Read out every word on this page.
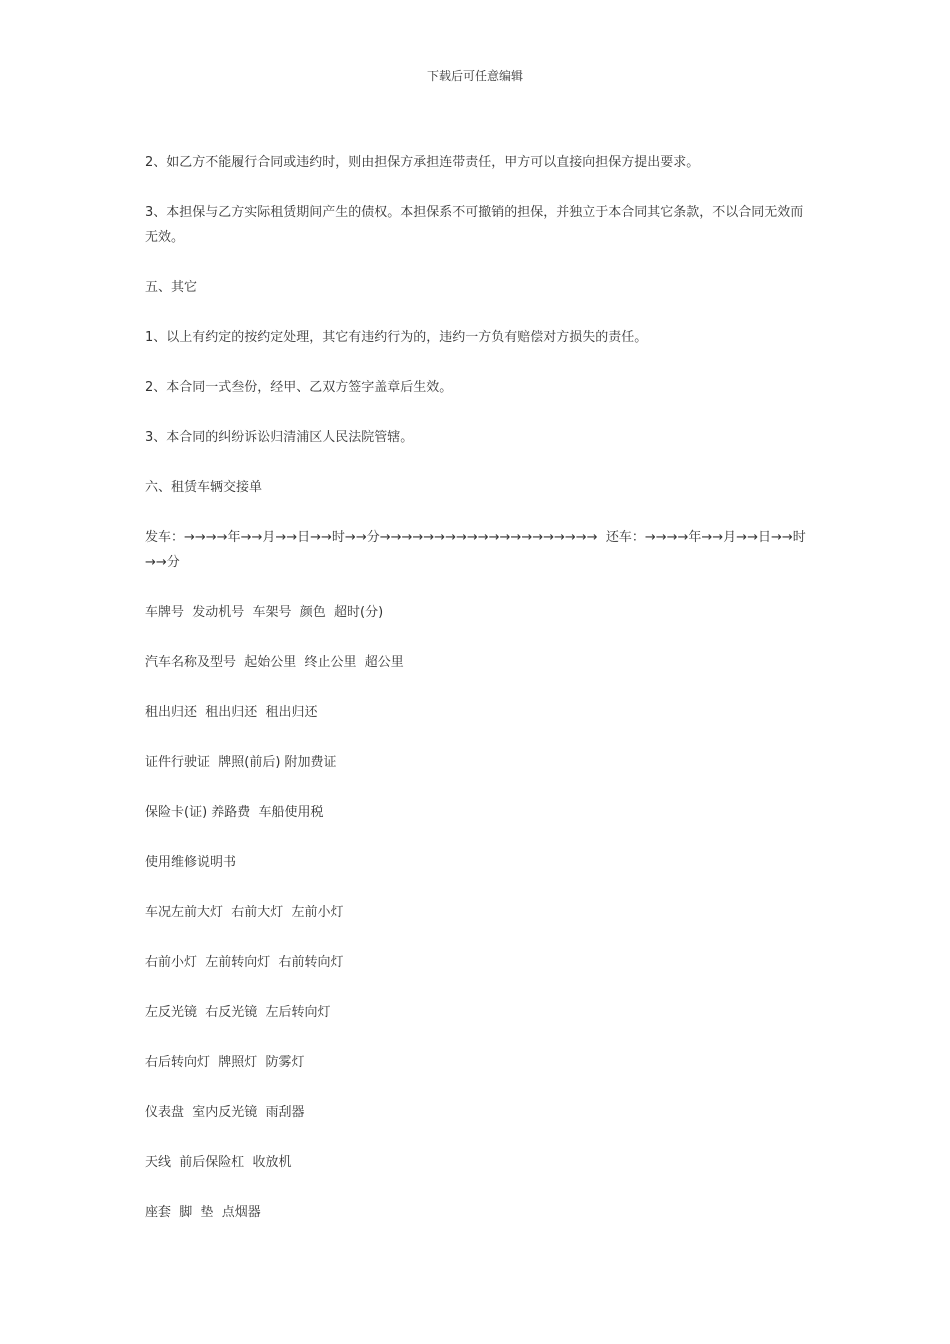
下载后可任意编辑

2、如乙方不能履行合同或违约时，则由担保方承担连带责任，甲方可以直接向担保方提出要求。

3、本担保与乙方实际租赁期间产生的债权。本担保系不可撤销的担保，并独立于本合同其它条款，不以合同无效而无效。

五、其它

1、以上有约定的按约定处理，其它有违约行为的，违约一方负有赔偿对方损失的责任。

2、本合同一式叁份，经甲、乙双方签字盖章后生效。

3、本合同的纠纷诉讼归清浦区人民法院管辖。

六、租赁车辆交接单

发车：→→→→年→→月→→日→→时→→分→→→→→→→→→→→→→→→→→→→→  还车：→→→→年→→月→→日→→时→→分

车牌号  发动机号  车架号  颜色  超时(分)

汽车名称及型号  起始公里  终止公里  超公里

租出归还  租出归还  租出归还

证件行驶证  牌照(前后) 附加费证

保险卡(证) 养路费  车船使用税

使用维修说明书

车况左前大灯  右前大灯  左前小灯

右前小灯  左前转向灯  右前转向灯

左反光镜  右反光镜  左后转向灯

右后转向灯  牌照灯  防雾灯

仪表盘  室内反光镜  雨刮器

天线  前后保险杠  收放机

座套  脚  垫  点烟器
